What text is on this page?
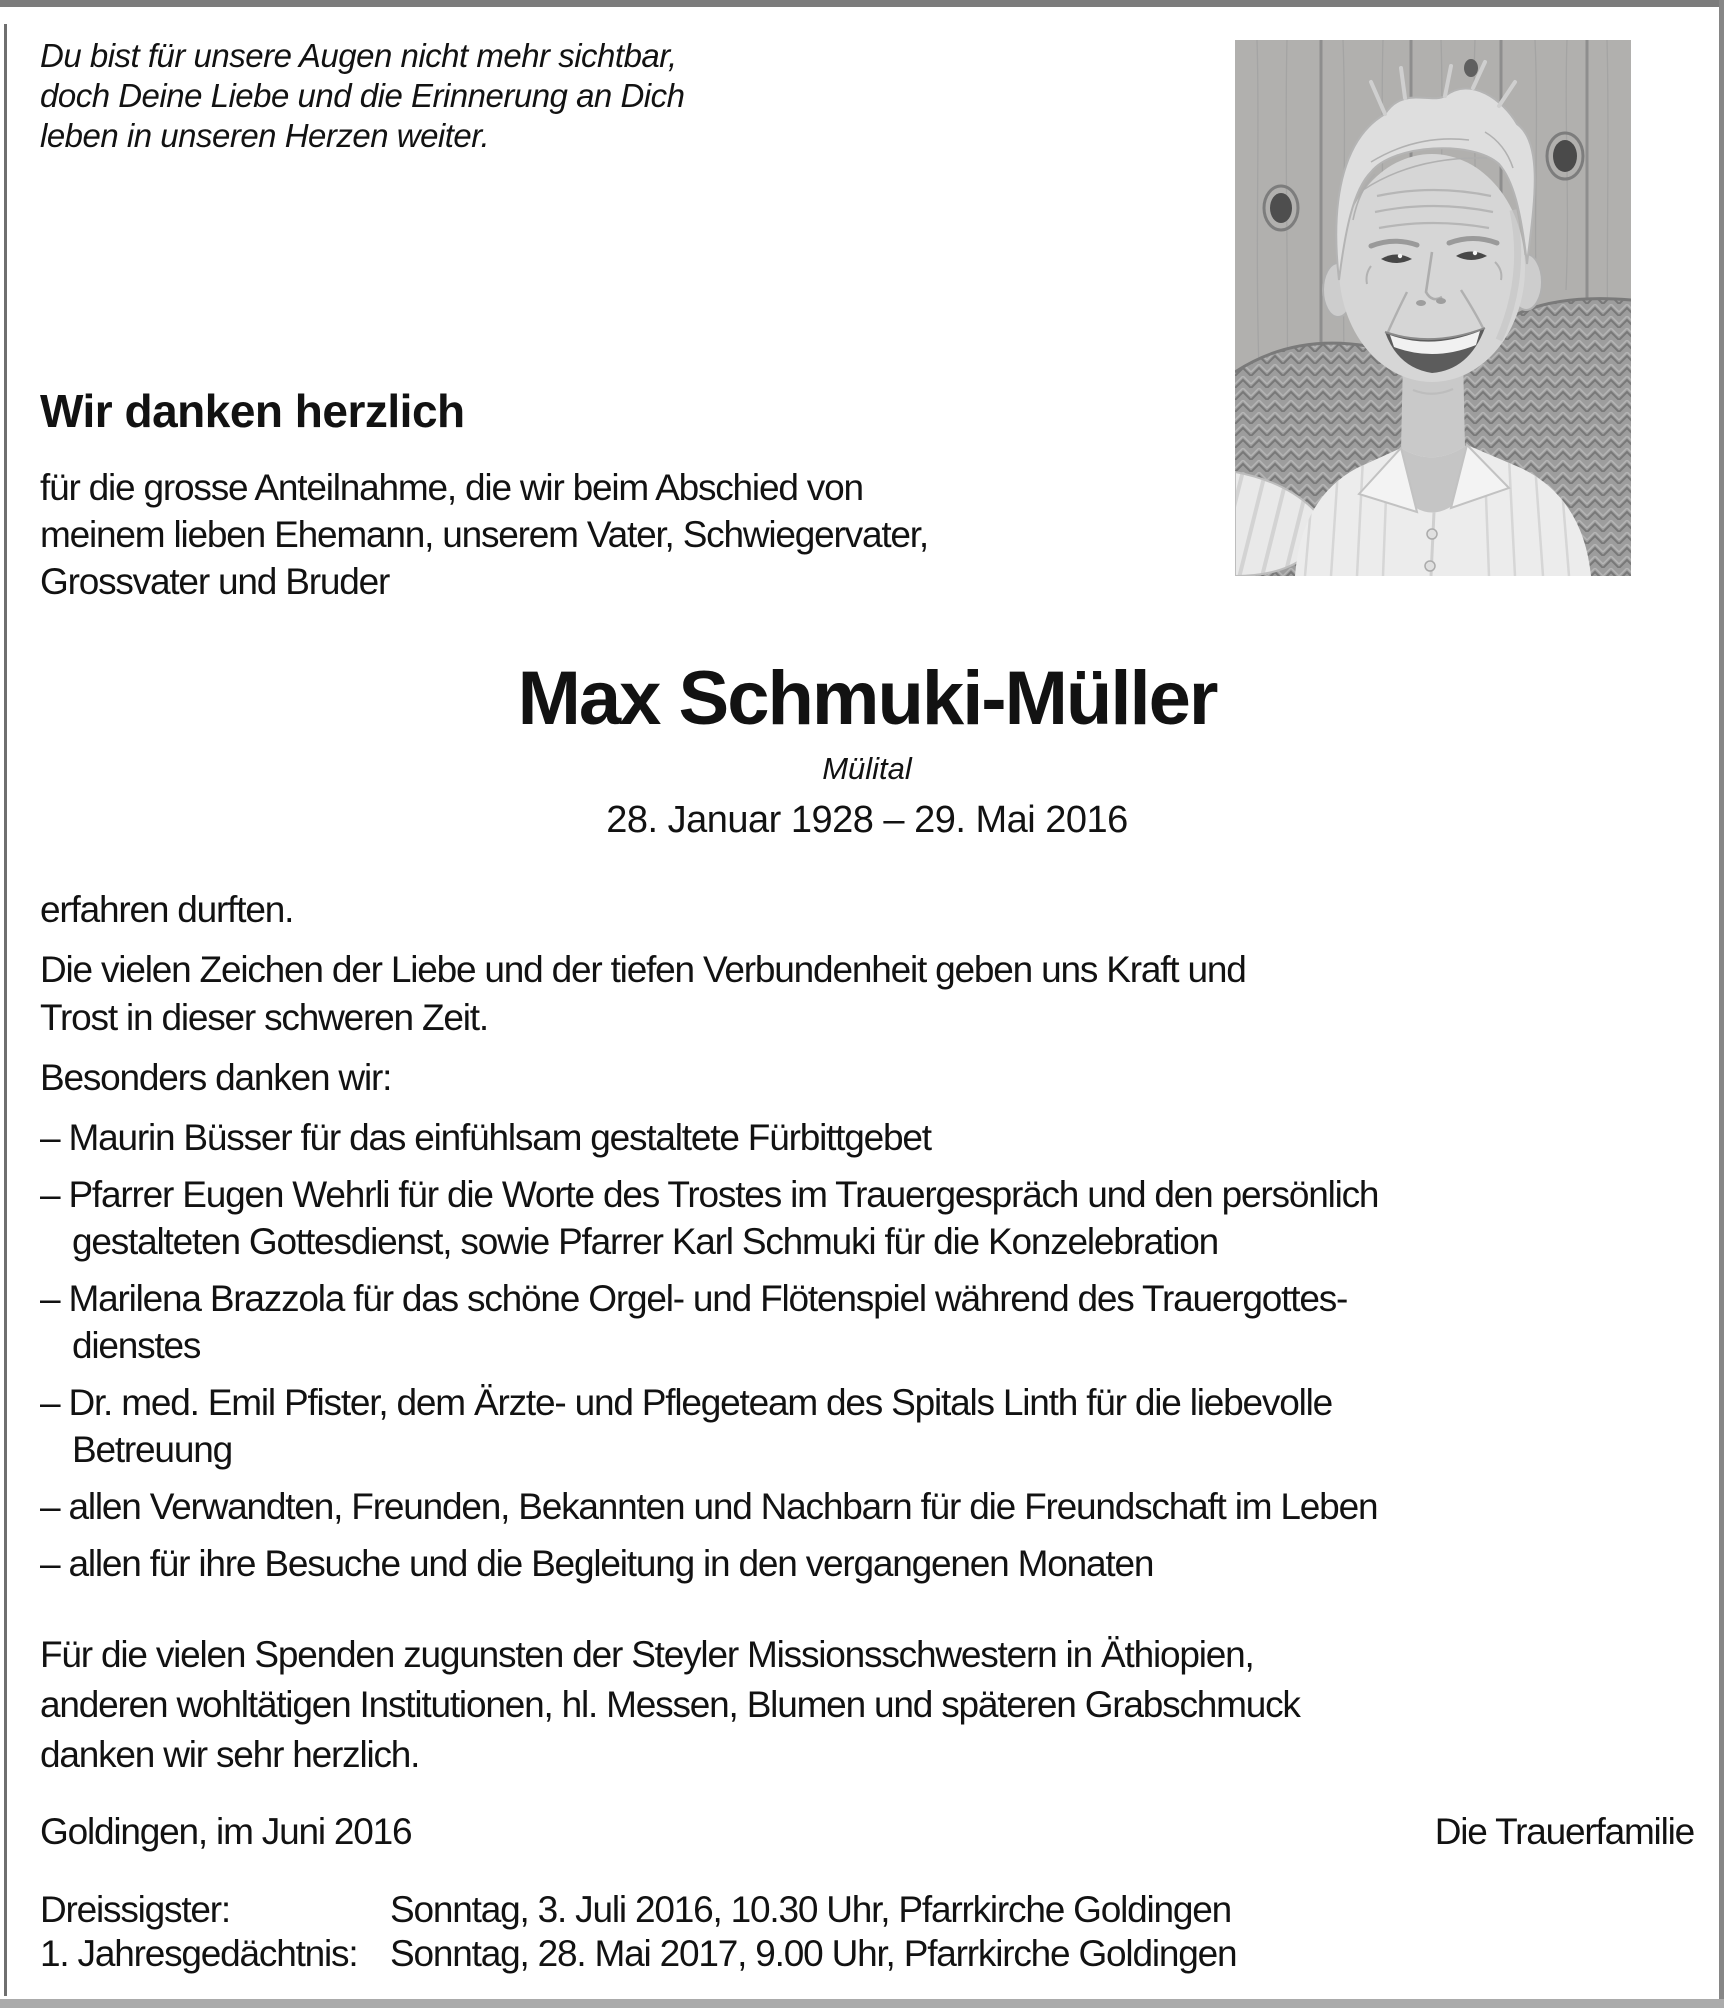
Du bist für unsere Augen nicht mehr sichtbar,
doch Deine Liebe und die Erinnerung an Dich
leben in unseren Herzen weiter.
Wir danken herzlich
für die grosse Anteilnahme, die wir beim Abschied von
meinem lieben Ehemann, unserem Vater, Schwiegervater,
Grossvater und Bruder
Max Schmuki-Müller
Mülital
28. Januar 1928 – 29. Mai 2016
erfahren durften.
Die vielen Zeichen der Liebe und der tiefen Verbundenheit geben uns Kraft und
Trost in dieser schweren Zeit.
Besonders danken wir:
– Maurin Büsser für das einfühlsam gestaltete Fürbittgebet
– Pfarrer Eugen Wehrli für die Worte des Trostes im Trauergespräch und den persönlich
gestalteten Gottesdienst, sowie Pfarrer Karl Schmuki für die Konzelebration
– Marilena Brazzola für das schöne Orgel- und Flötenspiel während des Trauergottes-
dienstes
– Dr. med. Emil Pfister, dem Ärzte- und Pflegeteam des Spitals Linth für die liebevolle
Betreuung
– allen Verwandten, Freunden, Bekannten und Nachbarn für die Freundschaft im Leben
– allen für ihre Besuche und die Begleitung in den vergangenen Monaten
Für die vielen Spenden zugunsten der Steyler Missionsschwestern in Äthiopien,
anderen wohltätigen Institutionen, hl. Messen, Blumen und späteren Grabschmuck
danken wir sehr herzlich.
Goldingen, im Juni 2016	Die Trauerfamilie
Dreissigster:	Sonntag, 3. Juli 2016, 10.30 Uhr, Pfarrkirche Goldingen
1. Jahresgedächtnis: Sonntag, 28. Mai 2017, 9.00 Uhr, Pfarrkirche Goldingen
